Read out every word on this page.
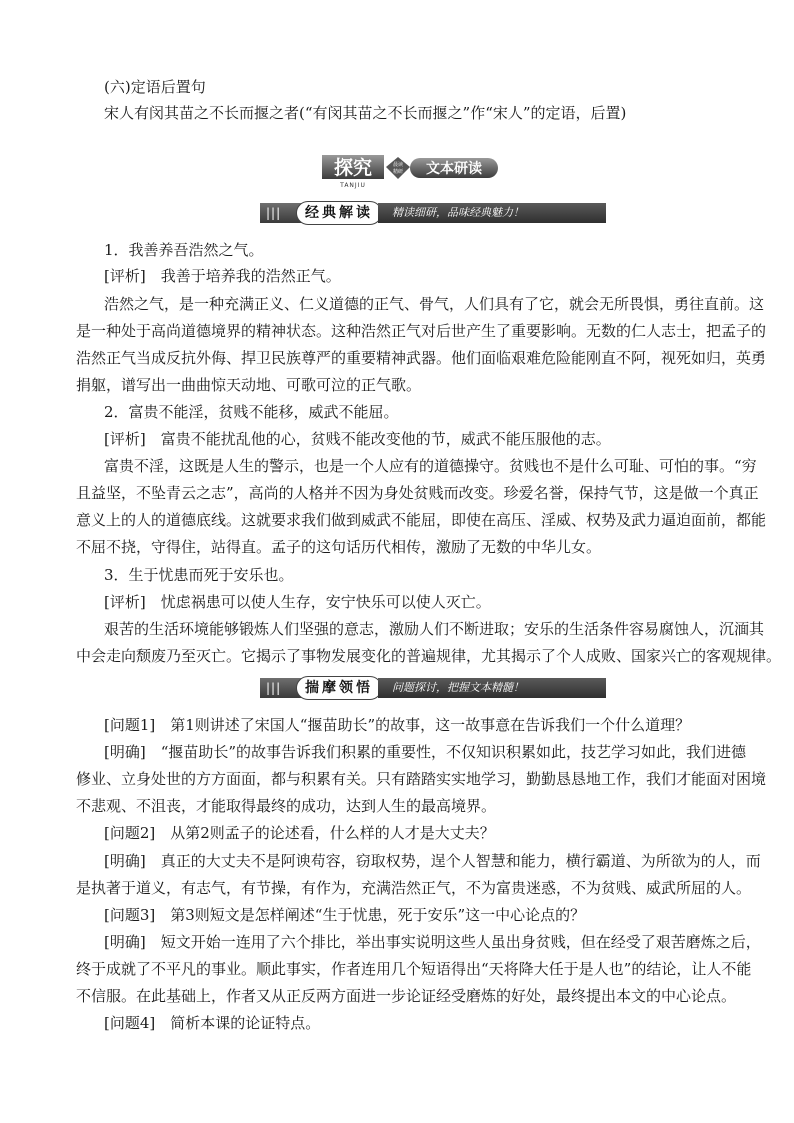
(六)定语后置句
宋人有闵其苗之不长而揠之者(“有闵其苗之不长而揠之”作“宋人”的定语，后置)
探究
TANJIU
晨读
精研 文本研读
|||	经典解读	精读细研，品味经典魅力！
1．我善养吾浩然之气。
[评析]　我善于培养我的浩然正气。
浩然之气，是一种充满正义、仁义道德的正气、骨气，人们具有了它，就会无所畏惧，勇往直前。这
是一种处于高尚道德境界的精神状态。这种浩然正气对后世产生了重要影响。无数的仁人志士，把孟子的
浩然正气当成反抗外侮、捍卫民族尊严的重要精神武器。他们面临艰难危险能刚直不阿，视死如归，英勇
捐躯，谱写出一曲曲惊天动地、可歌可泣的正气歌。
2．富贵不能淫，贫贱不能移，威武不能屈。
[评析]　富贵不能扰乱他的心，贫贱不能改变他的节，威武不能压服他的志。
富贵不淫，这既是人生的警示，也是一个人应有的道德操守。贫贱也不是什么可耻、可怕的事。“穷
且益坚，不坠青云之志”，高尚的人格并不因为身处贫贱而改变。珍爱名誉，保持气节，这是做一个真正
意义上的人的道德底线。这就要求我们做到威武不能屈，即使在高压、淫威、权势及武力逼迫面前，都能
不屈不挠，守得住，站得直。孟子的这句话历代相传，激励了无数的中华儿女。
3．生于忧患而死于安乐也。
[评析]　忧虑祸患可以使人生存，安宁快乐可以使人灭亡。
艰苦的生活环境能够锻炼人们坚强的意志，激励人们不断进取；安乐的生活条件容易腐蚀人，沉湎其
中会走向颓废乃至灭亡。它揭示了事物发展变化的普遍规律，尤其揭示了个人成败、国家兴亡的客观规律。
|||	揣摩领悟	问题探讨，把握文本精髓！
[问题1]　第1则讲述了宋国人“揠苗助长”的故事，这一故事意在告诉我们一个什么道理？
[明确]　“揠苗助长”的故事告诉我们积累的重要性，不仅知识积累如此，技艺学习如此，我们进德
修业、立身处世的方方面面，都与积累有关。只有踏踏实实地学习，勤勤恳恳地工作，我们才能面对困境
不悲观、不沮丧，才能取得最终的成功，达到人生的最高境界。
[问题2]　从第2则孟子的论述看，什么样的人才是大丈夫？
[明确]　真正的大丈夫不是阿谀苟容，窃取权势，逞个人智慧和能力，横行霸道、为所欲为的人，而
是执著于道义，有志气，有节操，有作为，充满浩然正气，不为富贵迷惑，不为贫贱、威武所屈的人。
[问题3]　第3则短文是怎样阐述“生于忧患，死于安乐”这一中心论点的？
[明确]　短文开始一连用了六个排比，举出事实说明这些人虽出身贫贱，但在经受了艰苦磨炼之后，
终于成就了不平凡的事业。顺此事实，作者连用几个短语得出“天将降大任于是人也”的结论，让人不能
不信服。在此基础上，作者又从正反两方面进一步论证经受磨炼的好处，最终提出本文的中心论点。
[问题4]　简析本课的论证特点。
